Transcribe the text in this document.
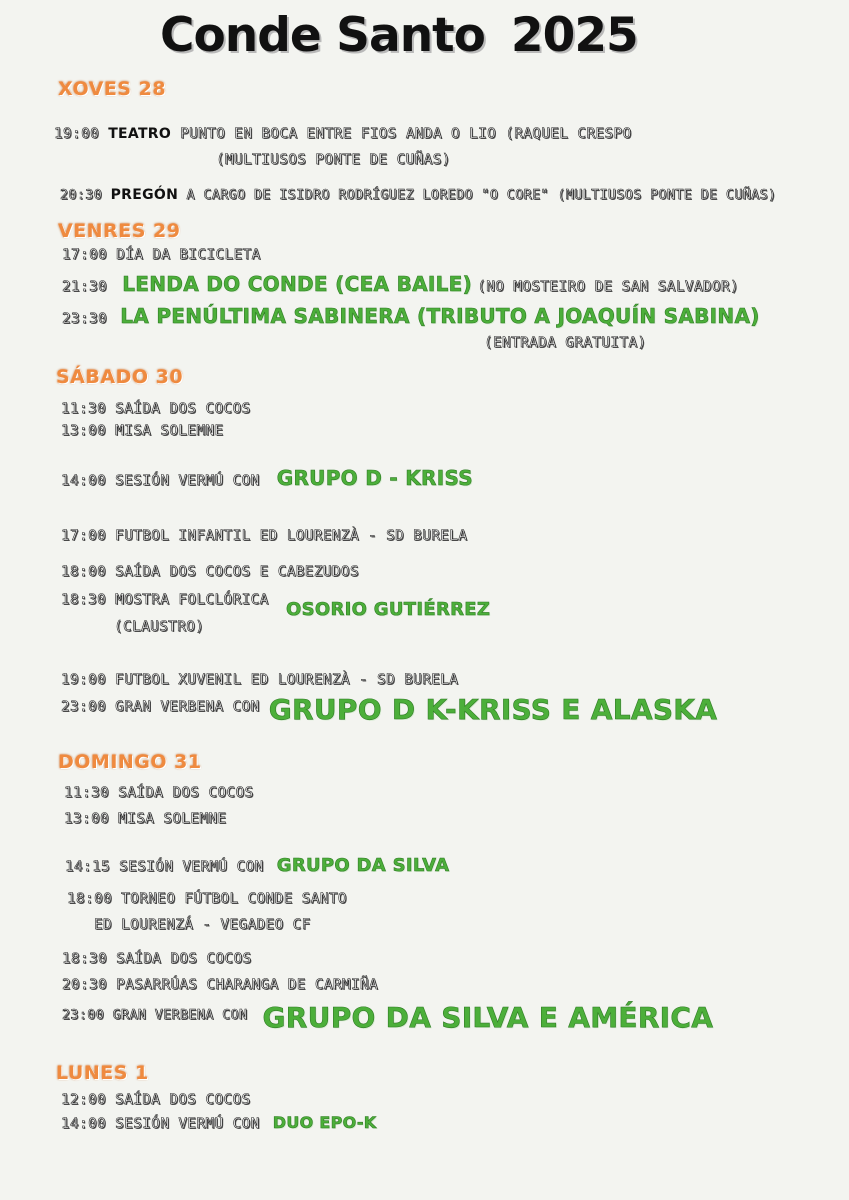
Conde Santo 2025
XOVES 28
19:00 TEATRO PUNTO EN BOCA ENTRE FIOS ANDA O LIO (RAQUEL CRESPO
(MULTIUSOS PONTE DE CUÑAS)
20:30 PREGÓN A CARGO DE ISIDRO RODRÍGUEZ LOREDO "O CORE" (MULTIUSOS PONTE DE CUÑAS)
VENRES 29
17:00 DÍA DA BICICLETA
21:30 LENDA DO CONDE (CEA BAILE) (NO MOSTEIRO DE SAN SALVADOR)
23:30 LA PENÚLTIMA SABINERA (TRIBUTO A JOAQUÍN SABINA)
(ENTRADA GRATUITA)
SÁBADO 30
11:30 SAÍDA DOS COCOS
13:00 MISA SOLEMNE
14:00 SESIÓN VERMÚ CON GRUPO D - KRISS
17:00 FUTBOL INFANTIL ED LOURENZÀ - SD BURELA
18:00 SAÍDA DOS COCOS E CABEZUDOS
18:30 MOSTRA FOLCLÓRICA OSORIO GUTIÉRREZ
(CLAUSTRO)
19:00 FUTBOL XUVENIL ED LOURENZÀ - SD BURELA
23:00 GRAN VERBENA CON GRUPO D K-KRISS E ALASKA
DOMINGO 31
11:30 SAÍDA DOS COCOS
13:00 MISA SOLEMNE
14:15 SESIÓN VERMÚ CON GRUPO DA SILVA
18:00 TORNEO FÚTBOL CONDE SANTO
ED LOURENZÁ - VEGADEO CF
18:30 SAÍDA DOS COCOS
20:30 PASARRÚAS CHARANGA DE CARMIÑA
$^{23:00 GRAN VERBENA CON}$ GRUPO DA SILVA E AMÉRICA
LUNES 1
12:00 SAÍDA DOS COCOS
14:00 SESIÓN VERMÚ CON DUO EPO-K
